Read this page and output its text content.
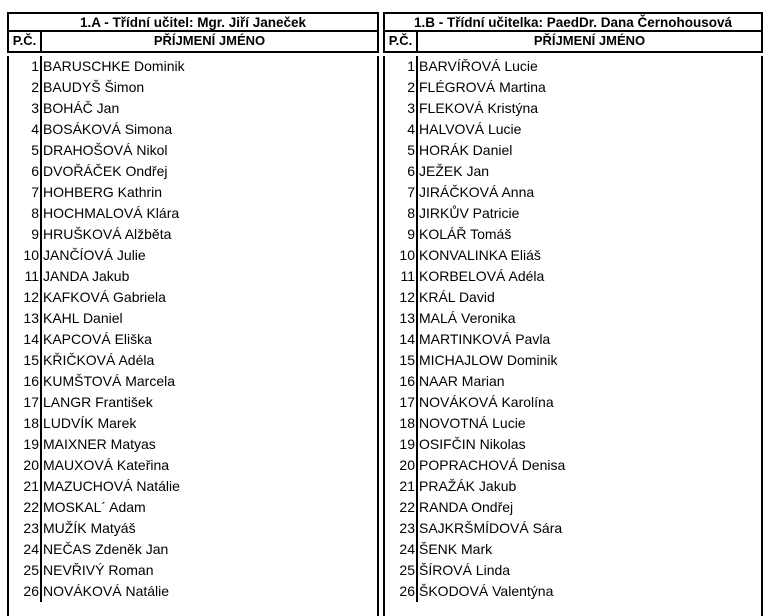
1.A - Třídní učitel: Mgr. Jiří Janeček
P.Č.	PŘÍJMENÍ JMÉNO
1 BARUSCHKE Dominik
2 BAUDYŠ Šimon
3 BOHÁČ Jan
4 BOSÁKOVÁ Simona
5 DRAHOŠOVÁ Nikol
6 DVOŘÁČEK Ondřej
7 HOHBERG Kathrin
8 HOCHMALOVÁ Klára
9 HRUŠKOVÁ Alžběta
10 JANČÍOVÁ Julie
11 JANDA Jakub
12 KAFKOVÁ Gabriela
13 KAHL Daniel
14 KAPCOVÁ Eliška
15 KŘIČKOVÁ Adéla
16 KUMŠTOVÁ Marcela
17 LANGR František
18 LUDVÍK Marek
19 MAIXNER Matyas
20 MAUXOVÁ Kateřina
21 MAZUCHOVÁ Natálie
22 MOSKAL´ Adam
23 MUŽÍK Matyáš
24 NEČAS Zdeněk Jan
25 NEVŘIVÝ Roman
26 NOVÁKOVÁ Natálie
1.B - Třídní učitelka: PaedDr. Dana Černohousová
P.Č.	PŘÍJMENÍ JMÉNO
1 BARVÍŘOVÁ Lucie
2 FLÉGROVÁ Martina
3 FLEKOVÁ Kristýna
4 HALVOVÁ Lucie
5 HORÁK Daniel
6 JEŽEK Jan
7 JIRÁČKOVÁ Anna
8 JIRKŮV Patricie
9 KOLÁŘ Tomáš
10 KONVALINKA Eliáš
11 KORBELOVÁ Adéla
12 KRÁL David
13 MALÁ Veronika
14 MARTINKOVÁ Pavla
15 MICHAJLOW Dominik
16 NAAR Marian
17 NOVÁKOVÁ Karolína
18 NOVOTNÁ Lucie
19 OSIFČIN Nikolas
20 POPRACHOVÁ Denisa
21 PRAŽÁK Jakub
22 RANDA Ondřej
23 SAJKRŠMÍDOVÁ Sára
24 ŠENK Mark
25 ŠÍROVÁ Linda
26 ŠKODOVÁ Valentýna
